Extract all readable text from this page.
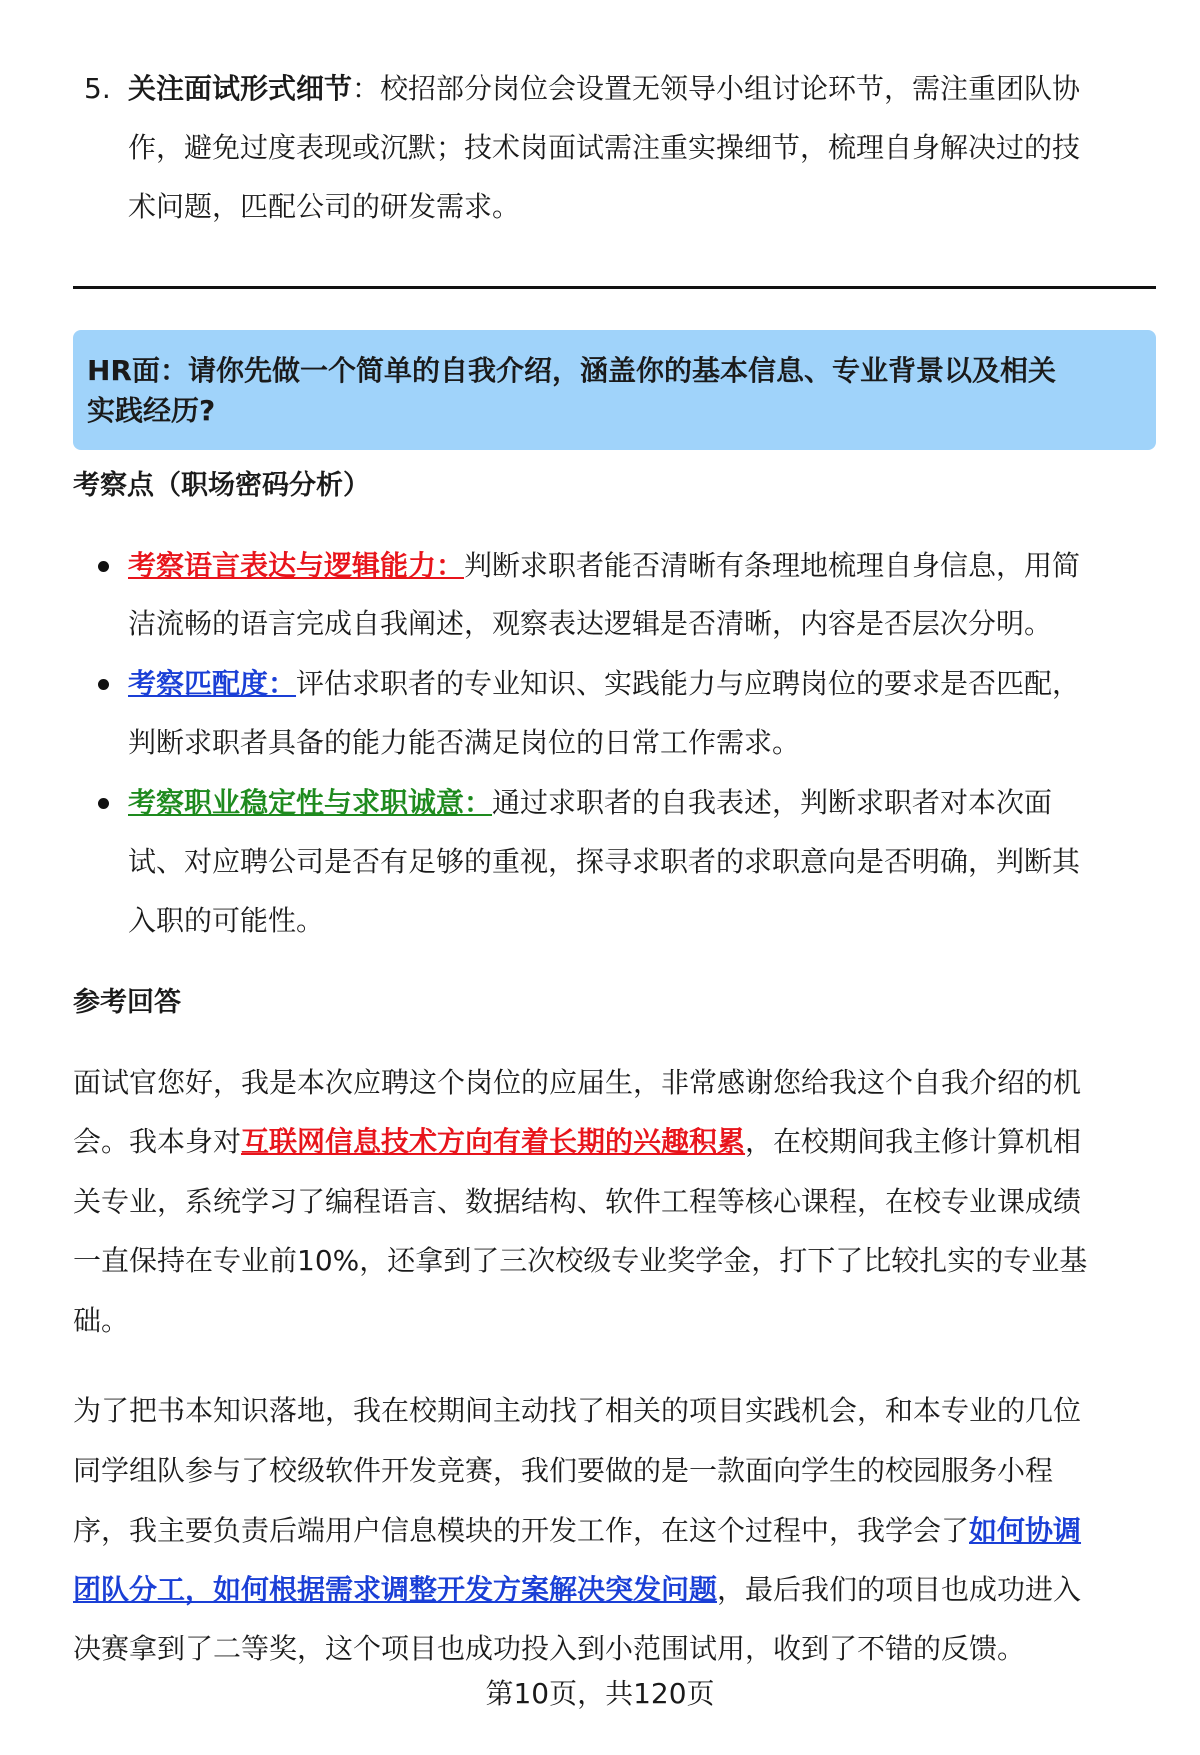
5.
HR面：请你先做一个简单的自我介绍，涵盖你的基本信息、专业背景以及相关
实践经历?
考察点（职场密码分析）
参考回答
第10页，共120页
关注面试形式细节：校招部分岗位会设置无领导小组讨论环节，需注重团队协
作，避免过度表现或沉默；技术岗面试需注重实操细节，梳理自身解决过的技
术问题，匹配公司的研发需求。
考察语言表达与逻辑能力：判断求职者能否清晰有条理地梳理自身信息，用简
洁流畅的语言完成自我阐述，观察表达逻辑是否清晰，内容是否层次分明。
考察匹配度：评估求职者的专业知识、实践能力与应聘岗位的要求是否匹配，
判断求职者具备的能力能否满足岗位的日常工作需求。
考察职业稳定性与求职诚意：通过求职者的自我表述，判断求职者对本次面
试、对应聘公司是否有足够的重视，探寻求职者的求职意向是否明确，判断其
入职的可能性。
面试官您好，我是本次应聘这个岗位的应届生，非常感谢您给我这个自我介绍的机
会。我本身对互联网信息技术方向有着长期的兴趣积累，在校期间我主修计算机相
关专业，系统学习了编程语言、数据结构、软件工程等核心课程，在校专业课成绩
一直保持在专业前10%，还拿到了三次校级专业奖学金，打下了比较扎实的专业基
础。
为了把书本知识落地，我在校期间主动找了相关的项目实践机会，和本专业的几位
同学组队参与了校级软件开发竞赛，我们要做的是一款面向学生的校园服务小程
序，我主要负责后端用户信息模块的开发工作，在这个过程中，我学会了如何协调
团队分工，如何根据需求调整开发方案解决突发问题，最后我们的项目也成功进入
决赛拿到了二等奖，这个项目也成功投入到小范围试用，收到了不错的反馈。
